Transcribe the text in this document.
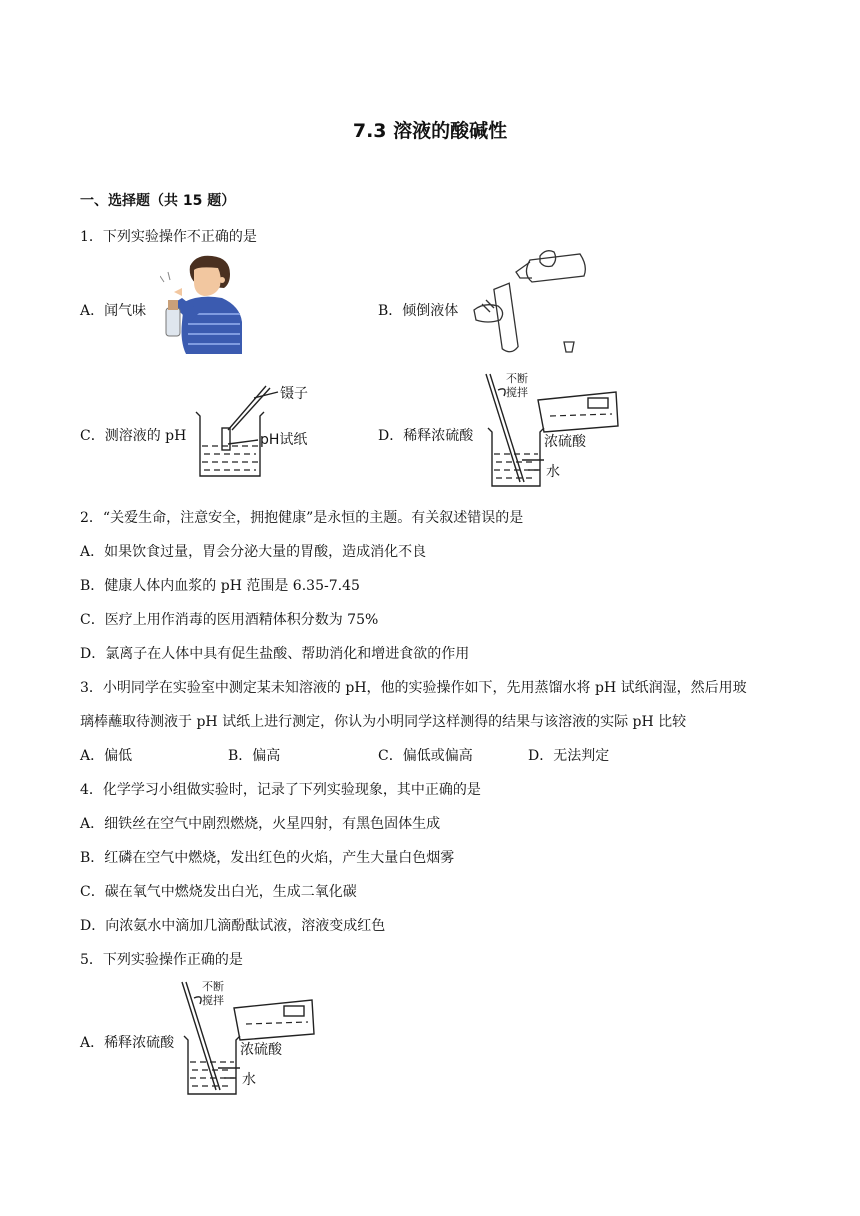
7.3 溶液的酸碱性
一、选择题（共 15 题）
1．下列实验操作不正确的是
A．闻气味	B．倾倒液体
C．测溶液的 pH
镊子
pH试纸	D．稀释浓硫酸
不断
搅拌
浓硫酸
水
2．“关爱生命，注意安全，拥抱健康”是永恒的主题。有关叙述错误的是
A．如果饮食过量，胃会分泌大量的胃酸，造成消化不良
B．健康人体内血浆的 pH 范围是 6.35-7.45
C．医疗上用作消毒的医用酒精体积分数为 75%
D．氯离子在人体中具有促生盐酸、帮助消化和增进食欲的作用
3．小明同学在实验室中测定某未知溶液的 pH，他的实验操作如下，先用蒸馏水将 pH 试纸润湿，然后用玻
璃棒蘸取待测液于 pH 试纸上进行测定，你认为小明同学这样测得的结果与该溶液的实际 pH 比较
A．偏低	B．偏高	C．偏低或偏高	D．无法判定
4．化学学习小组做实验时，记录了下列实验现象，其中正确的是
A．细铁丝在空气中剧烈燃烧，火星四射，有黑色固体生成
B．红磷在空气中燃烧，发出红色的火焰，产生大量白色烟雾
C．碳在氧气中燃烧发出白光，生成二氧化碳
D．向浓氨水中滴加几滴酚酞试液，溶液变成红色
5．下列实验操作正确的是
A．稀释浓硫酸
不断
搅拌
浓硫酸
水
